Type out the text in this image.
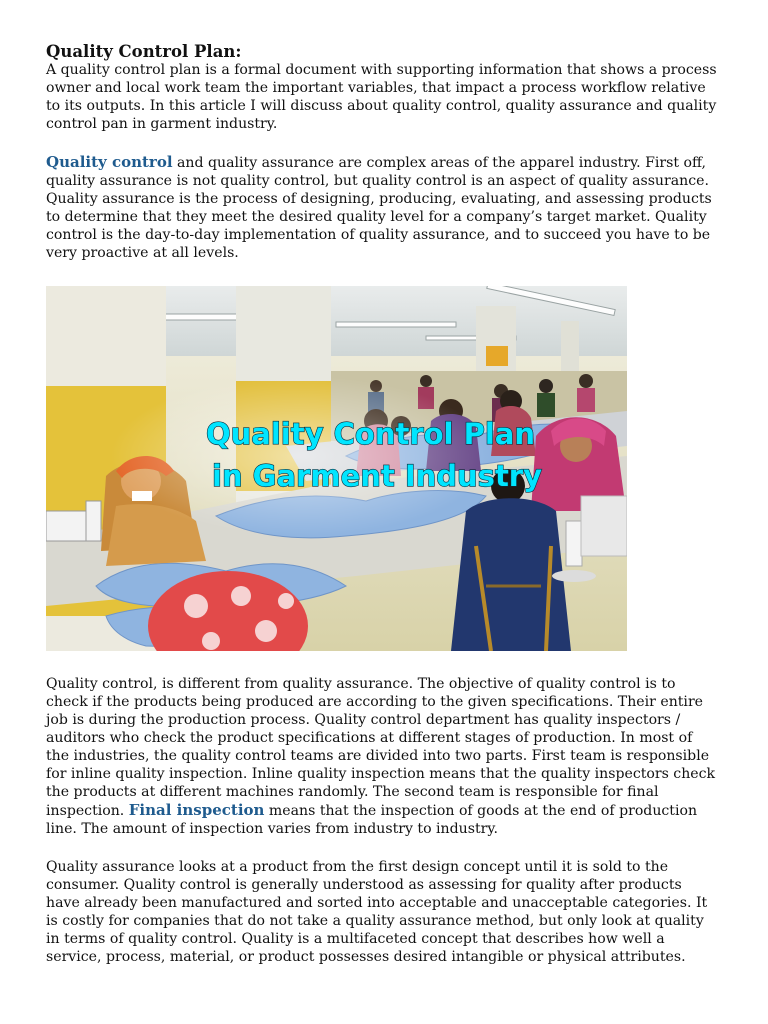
Quality Control Plan:

A quality control plan is a formal document with supporting information that shows a process owner and local work team the important variables, that impact a process workflow relative to its outputs. In this article I will discuss about quality control, quality assurance and quality control pan in garment industry.

Quality control and quality assurance are complex areas of the apparel industry. First off, quality assurance is not quality control, but quality control is an aspect of quality assurance. Quality assurance is the process of designing, producing, evaluating, and assessing products to determine that they meet the desired quality level for a company’s target market. Quality control is the day-to-day implementation of quality assurance, and to succeed you have to be very proactive at all levels.

Quality Control Plan
in Garment Industry

Quality control, is different from quality assurance. The objective of quality control is to check if the products being produced are according to the given specifications. Their entire job is during the production process. Quality control department has quality inspectors / auditors who check the product specifications at different stages of production. In most of the industries, the quality control teams are divided into two parts. First team is responsible for inline quality inspection. Inline quality inspection means that the quality inspectors check the products at different machines randomly. The second team is responsible for final inspection. Final inspection means that the inspection of goods at the end of production line. The amount of inspection varies from industry to industry.

Quality assurance looks at a product from the first design concept until it is sold to the consumer. Quality control is generally understood as assessing for quality after products have already been manufactured and sorted into acceptable and unacceptable categories. It is costly for companies that do not take a quality assurance method, but only look at quality in terms of quality control. Quality is a multifaceted concept that describes how well a service, process, material, or product possesses desired intangible or physical attributes.
